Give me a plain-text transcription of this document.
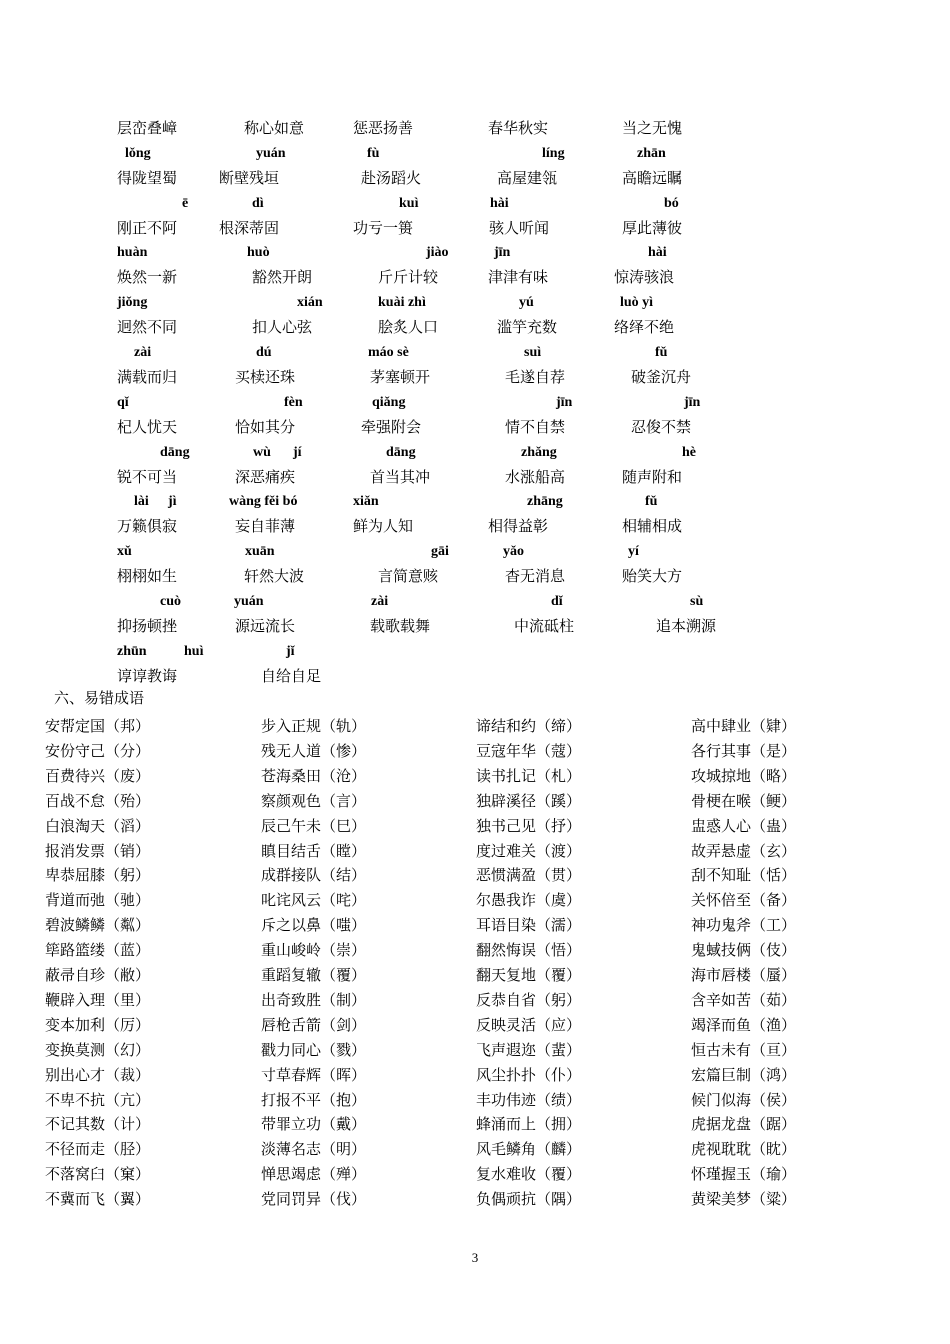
层峦叠嶂	称心如意	惩恶扬善	春华秋实	当之无愧
lǒng	yuán	fù	líng	zhān
得陇望蜀	断壁残垣	赴汤蹈火	高屋建瓴	高瞻远瞩
ē	dì	kuì	hài	bó
刚正不阿	根深蒂固	功亏一篑	骇人听闻	厚此薄彼
huàn	huò	jiào	jīn	hài
焕然一新	豁然开朗	斤斤计较	津津有味	惊涛骇浪
jiǒng	xián	kuài zhì	yú	luò yì
迥然不同	扣人心弦	脍炙人口	滥竽充数	络绎不绝
zài	dú	máo sè	suì	fǔ
满载而归	买椟还珠	茅塞顿开	毛遂自荐	破釜沉舟
qǐ	fèn	qiǎng	jīn	jīn
杞人忧天	恰如其分	牵强附会	情不自禁	忍俊不禁
dāng	wù jí	dāng	zhǎng	hè
锐不可当	深恶痛疾	首当其冲	水涨船高	随声附和
lài jì	wàng fěi bó	xiǎn	zhāng	fǔ
万籁俱寂	妄自菲薄	鲜为人知	相得益彰	相辅相成
xǔ	xuān	gāi	yǎo	yí
栩栩如生	轩然大波	言简意赅	杳无消息	贻笑大方
cuò	yuán	zài	dǐ	sù
抑扬顿挫	源远流长	载歌载舞	中流砥柱	追本溯源
zhūn	huì	jǐ
谆谆教诲	自给自足
六、易错成语
安帮定国（邦）	步入正规（轨）	谛结和约（缔）	高中肆业（肄）
安份守己（分）	残无人道（惨）	豆寇年华（蔻）	各行其事（是）
百费待兴（废）	苍海桑田（沧）	读书扎记（札）	攻城掠地（略）
百战不怠（殆）	察颜观色（言）	独辟溪径（蹊）	骨梗在喉（鲠）
白浪淘天（滔）	辰己午未（巳）	独书己见（抒）	盅惑人心（蛊）
报消发票（销）	瞋目结舌（瞠）	度过难关（渡）	故弄悬虚（玄）
卑恭屈膝（躬）	成群接队（结）	恶惯满盈（贯）	刮不知耻（恬）
背道而弛（驰）	叱诧风云（咤）	尔愚我诈（虞）	关怀倍至（备）
碧波鳞鳞（粼）	斥之以鼻（嗤）	耳语目染（濡）	神功鬼斧（工）
筚路篮缕（蓝）	重山峻岭（崇）	翻然悔误（悟）	鬼蜮技俩（伎）
蔽帚自珍（敝）	重蹈复辙（覆）	翻天复地（覆）	海市唇楼（蜃）
鞭辟入理（里）	出奇致胜（制）	反恭自省（躬）	含辛如苦（茹）
变本加利（厉）	唇枪舌箭（剑）	反映灵活（应）	竭泽而鱼（渔）
变换莫测（幻）	戳力同心（戮）	飞声遐迩（蜚）	恒古未有（亘）
别出心才（裁）	寸草春辉（晖）	风尘扑扑（仆）	宏篇巨制（鸿）
不卑不抗（亢）	打报不平（抱）	丰功伟迹（绩）	候门似海（侯）
不记其数（计）	带罪立功（戴）	蜂涌而上（拥）	虎据龙盘（踞）
不径而走（胫）	淡薄名志（明）	风毛鳞角（麟）	虎视耽耽（眈）
不落窝臼（窠）	惮思竭虑（殚）	复水难收（覆）	怀瑾握玉（瑜）
不冀而飞（翼）	党同罚异（伐）	负偶顽抗（隅）	黄梁美梦（粱）
3
